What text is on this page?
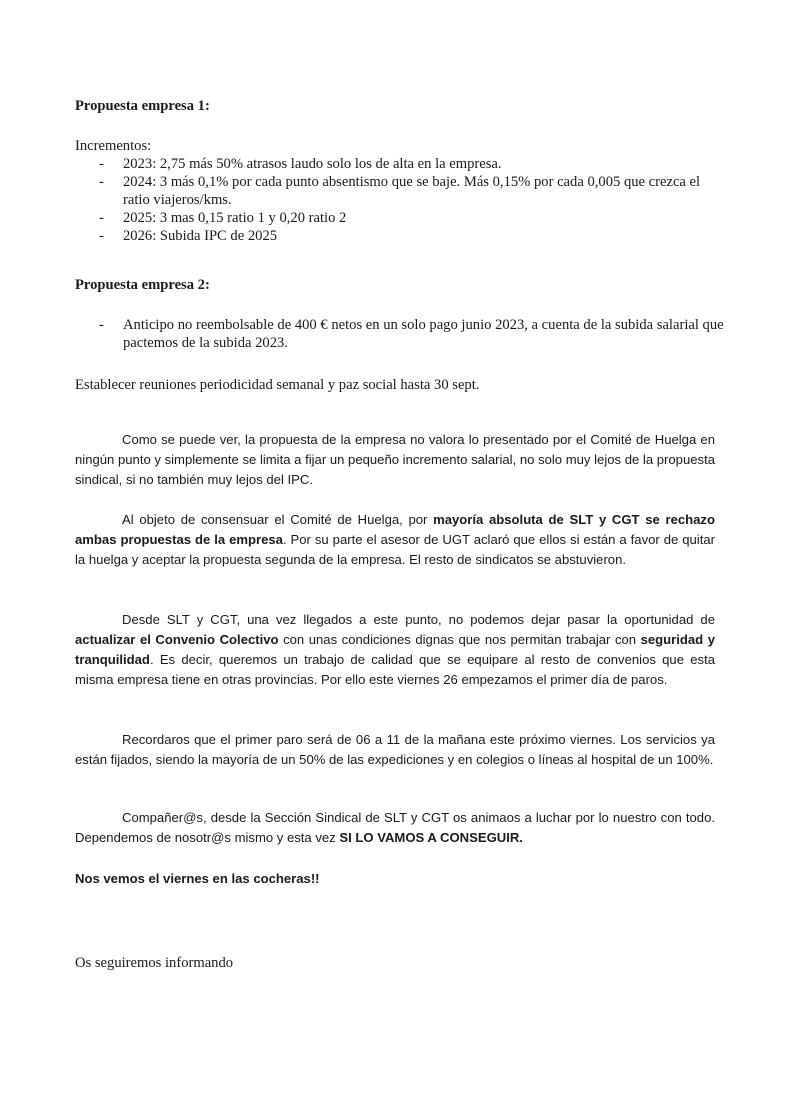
Propuesta empresa 1:

Incrementos:

- 2023: 2,75 más 50% atrasos laudo solo los de alta en la empresa.
- 2024: 3 más 0,1% por cada punto absentismo que se baje. Más 0,15% por cada 0,005 que crezca el ratio viajeros/kms.
- 2025: 3 mas 0,15 ratio 1 y 0,20 ratio 2
- 2026: Subida IPC de 2025

Propuesta empresa 2:

- Anticipo no reembolsable de 400 € netos en un solo pago junio 2023, a cuenta de la subida salarial que pactemos de la subida 2023.

Establecer reuniones periodicidad semanal y paz social hasta 30 sept.

Como se puede ver, la propuesta de la empresa no valora lo presentado por el Comité de Huelga en ningún punto y simplemente se limita a fijar un pequeño incremento salarial, no solo muy lejos de la propuesta sindical, si no también muy lejos del IPC.

Al objeto de consensuar el Comité de Huelga, por mayoría absoluta de SLT y CGT se rechazo ambas propuestas de la empresa. Por su parte el asesor de UGT aclaró que ellos si están a favor de quitar la huelga y aceptar la propuesta segunda de la empresa. El resto de sindicatos se abstuvieron.

Desde SLT y CGT, una vez llegados a este punto, no podemos dejar pasar la oportunidad de actualizar el Convenio Colectivo con unas condiciones dignas que nos permitan trabajar con seguridad y tranquilidad. Es decir, queremos un trabajo de calidad que se equipare al resto de convenios que esta misma empresa tiene en otras provincias. Por ello este viernes 26 empezamos el primer día de paros.

Recordaros que el primer paro será de 06 a 11 de la mañana este próximo viernes. Los servicios ya están fijados, siendo la mayoría de un 50% de las expediciones y en colegios o líneas al hospital de un 100%.

Compañer@s, desde la Sección Sindical de SLT y CGT os animaos a luchar por lo nuestro con todo. Dependemos de nosotr@s mismo y esta vez SI LO VAMOS A CONSEGUIR.

Nos vemos el viernes en las cocheras!!

Os seguiremos informando
